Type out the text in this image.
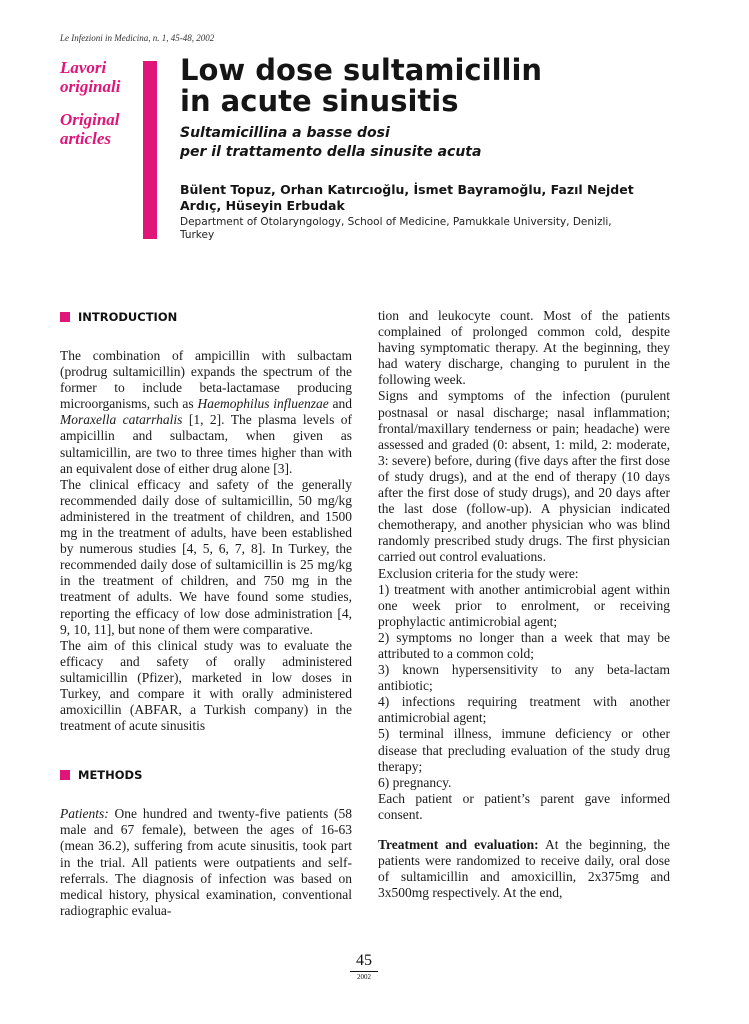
Le Infezioni in Medicina, n. 1, 45-48, 2002
Lavori
originali
Original
articles
Low dose sultamicillin
in acute sinusitis
Sultamicillina a basse dosi
per il trattamento della sinusite acuta
Bülent Topuz, Orhan Katırcıoğlu, İsmet Bayramoğlu, Fazıl Nejdet Ardıç, Hüseyin Erbudak
Department of Otolaryngology, School of Medicine, Pamukkale University, Denizli, Turkey
INTRODUCTION

The combination of ampicillin with sulbactam (prodrug sultamicillin) expands the spectrum of the former to include beta-lactamase producing microorganisms, such as Haemophilus influenzae and Moraxella catarrhalis [1, 2]. The plasma levels of ampicillin and sulbactam, when given as sultamicillin, are two to three times higher than with an equivalent dose of either drug alone [3].

The clinical efficacy and safety of the generally recommended daily dose of sultamicillin, 50 mg/kg administered in the treatment of children, and 1500 mg in the treatment of adults, have been established by numerous studies [4, 5, 6, 7, 8]. In Turkey, the recommended daily dose of sultamicillin is 25 mg/kg in the treatment of children, and 750 mg in the treatment of adults. We have found some studies, reporting the efficacy of low dose administration [4, 9, 10, 11], but none of them were comparative.

The aim of this clinical study was to evaluate the efficacy and safety of orally administered sultamicillin (Pfizer), marketed in low doses in Turkey, and compare it with orally administered amoxicillin (ABFAR, a Turkish company) in the treatment of acute sinusitis

METHODS

Patients: One hundred and twenty-five patients (58 male and 67 female), between the ages of 16-63 (mean 36.2), suffering from acute sinusitis, took part in the trial. All patients were outpatients and self-referrals. The diagnosis of infection was based on medical history, physical examination, conventional radiographic evalua-

tion and leukocyte count. Most of the patients complained of prolonged common cold, despite having symptomatic therapy. At the beginning, they had watery discharge, changing to purulent in the following week.

Signs and symptoms of the infection (purulent postnasal or nasal discharge; nasal inflammation; frontal/maxillary tenderness or pain; headache) were assessed and graded (0: absent, 1: mild, 2: moderate, 3: severe) before, during (five days after the first dose of study drugs), and at the end of therapy (10 days after the first dose of study drugs), and 20 days after the last dose (follow-up). A physician indicated chemotherapy, and another physician who was blind randomly prescribed study drugs. The first physician carried out control evaluations.

Exclusion criteria for the study were:

1) treatment with another antimicrobial agent within one week prior to enrolment, or receiving prophylactic antimicrobial agent;

2) symptoms no longer than a week that may be attributed to a common cold;

3) known hypersensitivity to any beta-lactam antibiotic;

4) infections requiring treatment with another antimicrobial agent;

5) terminal illness, immune deficiency or other disease that precluding evaluation of the study drug therapy;

6) pregnancy.

Each patient or patient’s parent gave informed consent.

Treatment and evaluation: At the beginning, the patients were randomized to receive daily, oral dose of sultamicillin and amoxicillin, 2x375mg and 3x500mg respectively. At the end,

45
2002
